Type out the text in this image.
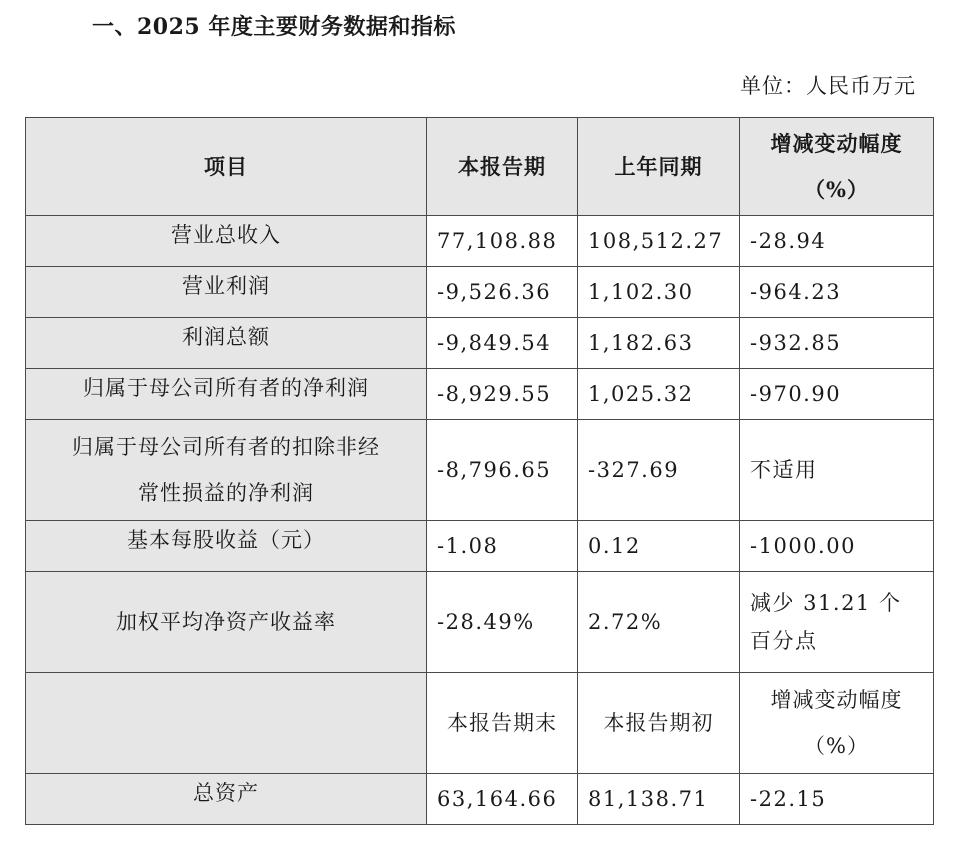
一、2025 年度主要财务数据和指标
单位：人民币万元
项目	本报告期	上年同期	增减变动幅度
（%）

营业总收入	77,108.88	108,512.27	-28.94
营业利润	-9,526.36	1,102.30	-964.23
利润总额	-9,849.54	1,182.63	-932.85
归属于母公司所有者的净利润	-8,929.55	1,025.32	-970.90

归属于母公司所有者的扣除非经
常性损益的净利润	-8,796.65	-327.69	不适用
基本每股收益（元）	-1.08	0.12	-1000.00
加权平均净资产收益率	-28.49%	2.72%	减少 31.21 个
百分点

	本报告期末	本报告期初	增减变动幅度
（%）

总资产	63,164.66	81,138.71	-22.15
